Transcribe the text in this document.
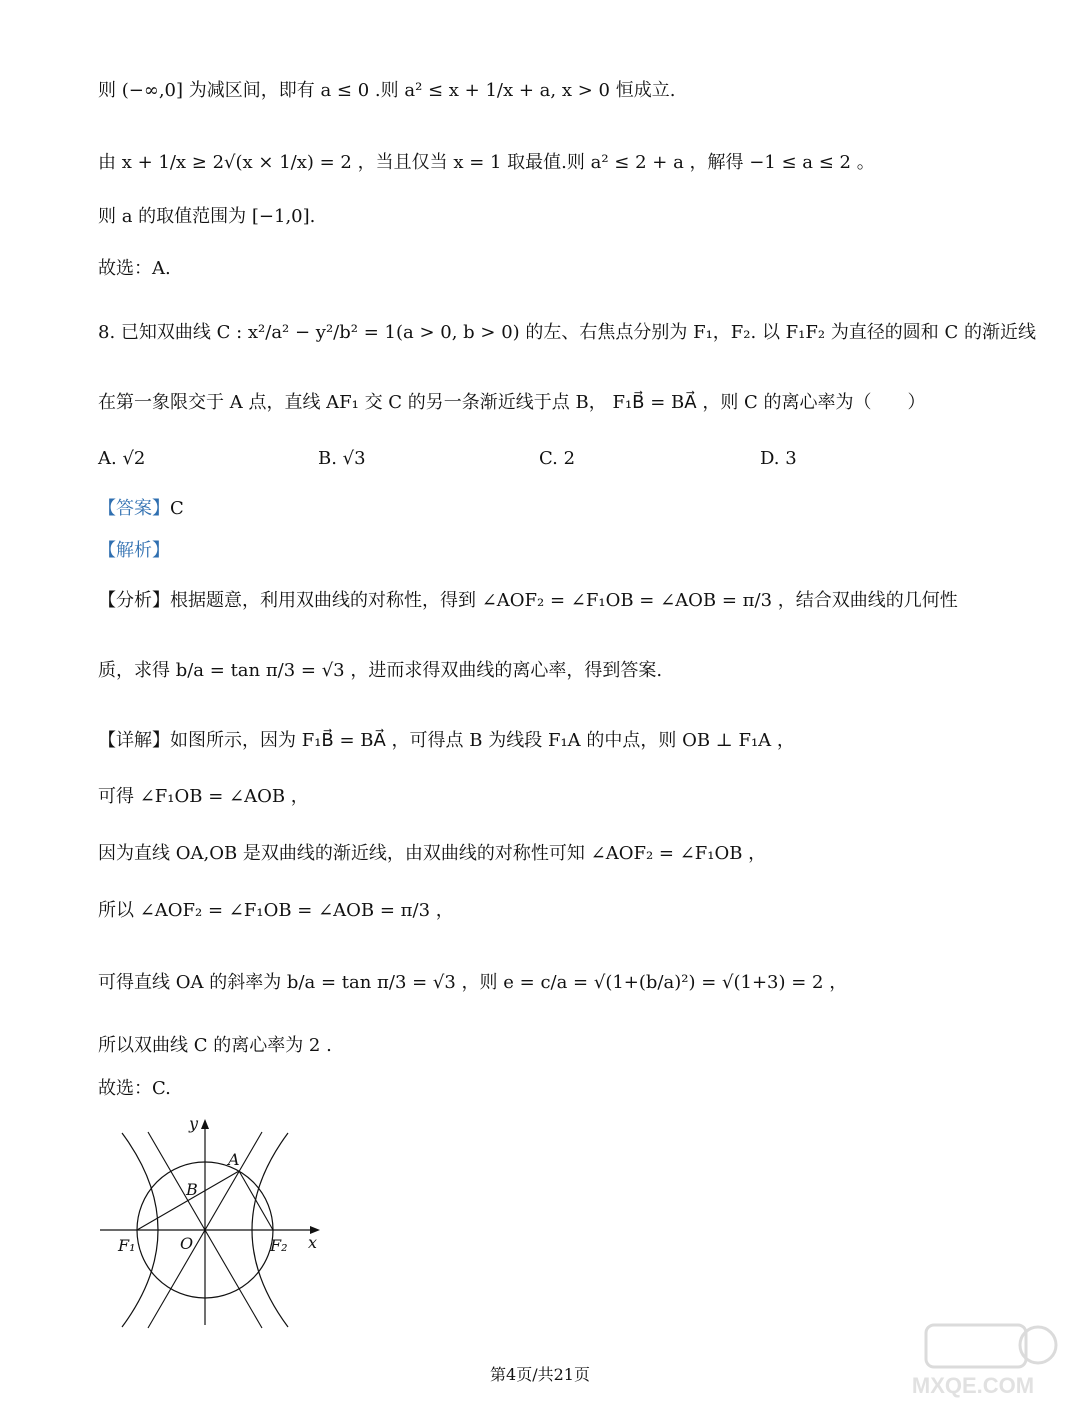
则 (−∞,0] 为减区间，即有 a ≤ 0 .则 a² ≤ x + 1/x + a, x > 0 恒成立.
由 x + 1/x ≥ 2√(x × 1/x) = 2 ，当且仅当 x = 1 取最值.则 a² ≤ 2 + a ，解得 −1 ≤ a ≤ 2 。
则 a 的取值范围为 [−1,0].
故选：A.
8. 已知双曲线 C : x²/a² − y²/b² = 1(a > 0, b > 0) 的左、右焦点分别为 F₁，F₂. 以 F₁F₂ 为直径的圆和 C 的渐近线
在第一象限交于 A 点，直线 AF₁ 交 C 的另一条渐近线于点 B， F₁B⃗ = BA⃗ ，则 C 的离心率为（　　）
A. √2	B. √3	C. 2	D. 3
【答案】C
【解析】
【分析】根据题意，利用双曲线的对称性，得到 ∠AOF₂ = ∠F₁OB = ∠AOB = π/3 ，结合双曲线的几何性
质，求得 b/a = tan π/3 = √3 ，进而求得双曲线的离心率，得到答案.
【详解】如图所示，因为 F₁B⃗ = BA⃗ ，可得点 B 为线段 F₁A 的中点，则 OB ⊥ F₁A ，
可得 ∠F₁OB = ∠AOB ，
因为直线 OA,OB 是双曲线的渐近线，由双曲线的对称性可知 ∠AOF₂ = ∠F₁OB ，
所以 ∠AOF₂ = ∠F₁OB = ∠AOB = π/3 ，
可得直线 OA 的斜率为 b/a = tan π/3 = √3 ，则 e = c/a = √(1+(b/a)²) = √(1+3) = 2 ，
所以双曲线 C 的离心率为 2 .
故选：C.
y
x
A
B
O
F₁	F₂
第4页/共21页	MXQE.COM
